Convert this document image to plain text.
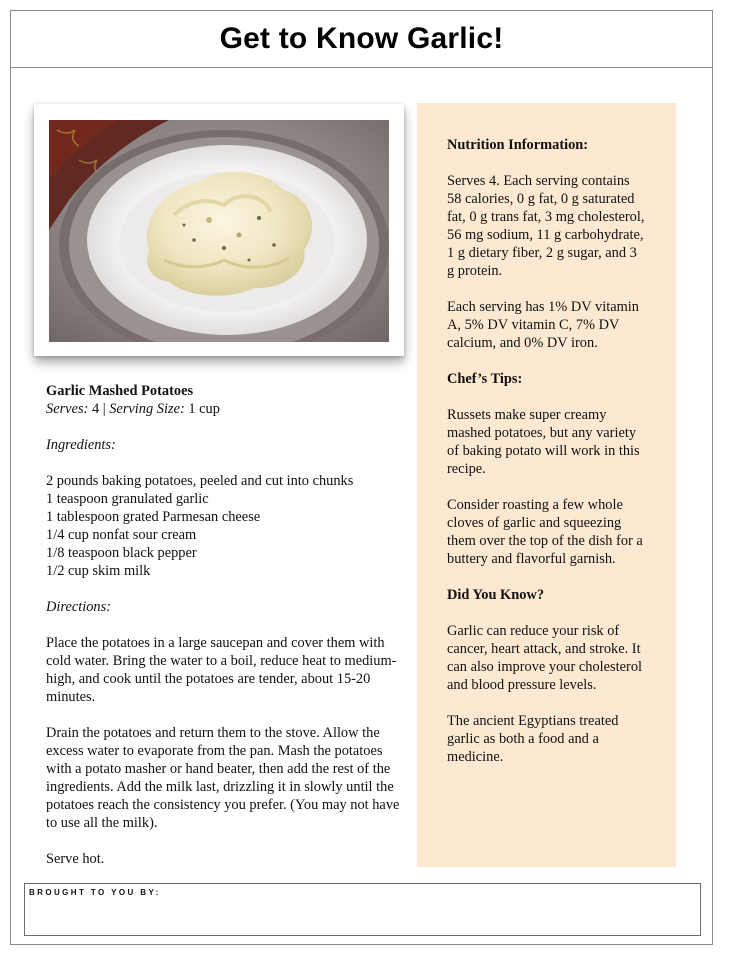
Get to Know Garlic!

Garlic Mashed Potatoes

Serves: 4 | Serving Size: 1 cup

Ingredients:

2 pounds baking potatoes, peeled and cut into chunks

1 teaspoon granulated garlic

1 tablespoon grated Parmesan cheese

1/4 cup nonfat sour cream

1/8 teaspoon black pepper

1/2 cup skim milk

Directions:

Place the potatoes in a large saucepan and cover them with cold water. Bring the water to a boil, reduce heat to medium-high, and cook until the potatoes are tender, about 15-20 minutes.

Drain the potatoes and return them to the stove. Allow the excess water to evaporate from the pan. Mash the potatoes with a potato masher or hand beater, then add the rest of the ingredients. Add the milk last, drizzling it in slowly until the potatoes reach the consistency you prefer. (You may not have to use all the milk).

Serve hot.

Nutrition Information:

Serves 4. Each serving contains 58 calories, 0 g fat, 0 g saturated fat, 0 g trans fat, 3 mg cholesterol, 56 mg sodium, 11 g carbohydrate, 1 g dietary fiber, 2 g sugar, and 3 g protein.

Each serving has 1% DV vitamin A, 5% DV vitamin C, 7% DV calcium, and 0% DV iron.

Chef’s Tips:

Russets make super creamy mashed potatoes, but any variety of baking potato will work in this recipe.

Consider roasting a few whole cloves of garlic and squeezing them over the top of the dish for a buttery and flavorful garnish.

Did You Know?

Garlic can reduce your risk of cancer, heart attack, and stroke. It can also improve your cholesterol and blood pressure levels.

The ancient Egyptians treated garlic as both a food and a medicine.

BROUGHT TO YOU BY:
